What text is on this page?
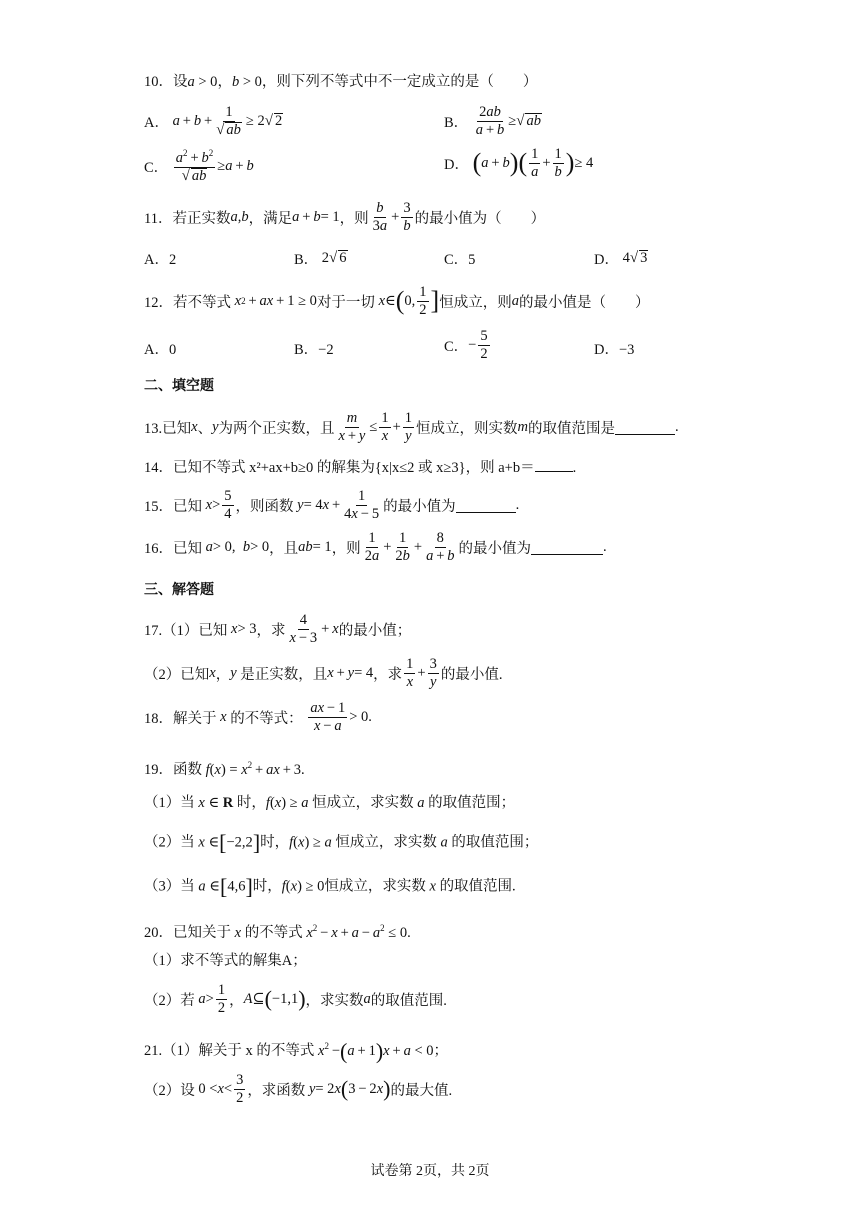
10．设a > 0，b > 0，则下列不等式中不一定成立的是（　　）
A．
$a + b + \frac{1}{√ ab} \ge 2$ √ 2	B．
$\frac{2ab}{a + b}$ ≥ √ ab
C．
$\frac{a^2 + b^2}{√ ab} \ge a + b$	D．
( a  +  b ) ( $\frac{1}{a} + \frac{1}{b}$ ) ≥ 4
11．若正实数 a , b ，满足 a  +  b = 1 ，则 $\frac{b}{3a} + \frac{3}{b}$ 的最小值为（　　）
A．2	B． 2 √ 6	C．5	D． 4 √ 3
12．若不等式
x 2  +  ax  + 1 ≥ 0 对于一切
x ∈ ( 0, $\frac{1}{2}$ ] 恒成立，则 a 的最小值是（　　）
A．0	B．−2	C． − $\frac{5}{2}$	D．−3
二、填空题
13.已知 x 、 y 为两个正实数，且 $\frac{m}{x + y} \le \frac{1}{x} + \frac{1}{y}$ 恒成立，则实数 m 的取值范围是	.
14．已知不等式 x²+ax+b≥0 的解集为{x|x≤2 或 x≥3}，则 a+b＝	.
15．已知
$x > \frac{5}{4}$ ，则函数
y = 4 $x + \frac{1}{4x - 5}$ 的最小值为	.
16．已知
a > 0, b > 0 ，且 ab = 1 ，则 $\frac{1}{2a} + \frac{1}{2b} + \frac{8}{a + b}$ 的最小值为	.
三、解答题
17.（1）已知
x > 3 ，求 $\frac{4}{x - 3} + x$ 的最小值；
（2）已知 x ， y
是正实数，且 x  +  y = 4 ，求 $\frac{1}{x} + \frac{3}{y}$ 的最小值.
18．解关于
x
的不等式：
$\frac{ax - 1}{x - a} > 0$ .
19．函数 $f(x) = x^2$ + ax + 3.
（1）当 x ∈ R 时，f(x) ≥ a 恒成立，求实数 a 的取值范围；
（2）当 x ∈[−2,2]时，f(x) ≥ a 恒成立，求实数 a 的取值范围；
（3）当 a ∈[4,6]时，f(x) ≥ 0恒成立，求实数 x 的取值范围.
20．已知关于 x 的不等式 $x^2 - x + a - a^2 \le 0$.
（1）求不等式的解集A；
（2）若
$a > \frac{1}{2}$ ， A ⊆ ( −1,1 ) ，求实数 a 的取值范围.
21.（1）解关于 x 的不等式 $x^2 -(a + 1)x + a < 0$；
（2）设 $0 < x < \frac{3}{2}$ ，求函数
y = 2 x ( 3 − 2 x ) 的最大值.
试卷第 2页，共 2页
